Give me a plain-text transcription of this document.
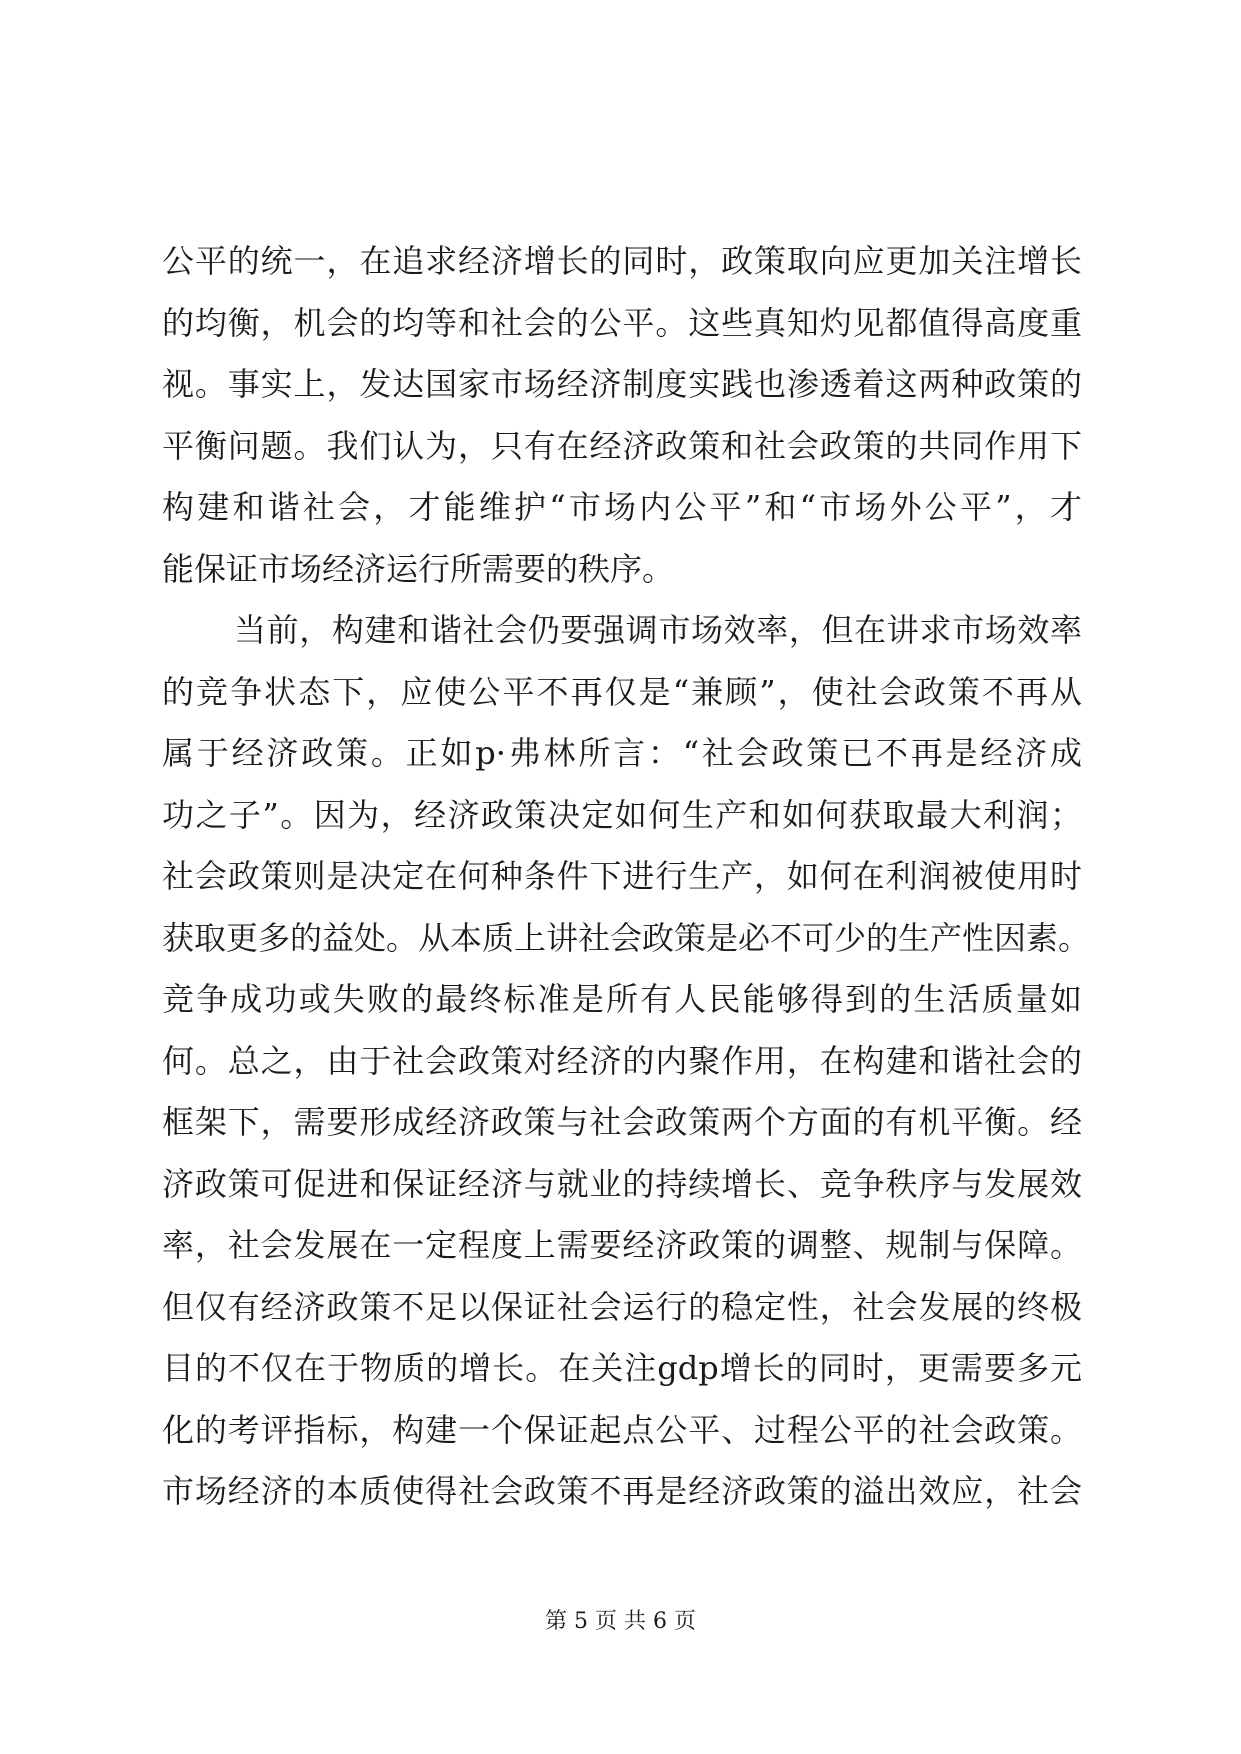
公平的统一，在追求经济增长的同时，政策取向应更加关注增长
的均衡，机会的均等和社会的公平。这些真知灼见都值得高度重
视。事实上，发达国家市场经济制度实践也渗透着这两种政策的
平衡问题。我们认为，只有在经济政策和社会政策的共同作用下
构建和谐社会，才能维护“市场内公平”和“市场外公平”，才
能保证市场经济运行所需要的秩序。
当前，构建和谐社会仍要强调市场效率，但在讲求市场效率
的竞争状态下，应使公平不再仅是“兼顾”，使社会政策不再从
属于经济政策。正如p·弗林所言：“社会政策已不再是经济成
功之子”。因为，经济政策决定如何生产和如何获取最大利润；
社会政策则是决定在何种条件下进行生产，如何在利润被使用时
获取更多的益处。从本质上讲社会政策是必不可少的生产性因素。
竞争成功或失败的最终标准是所有人民能够得到的生活质量如
何。总之，由于社会政策对经济的内聚作用，在构建和谐社会的
框架下，需要形成经济政策与社会政策两个方面的有机平衡。经
济政策可促进和保证经济与就业的持续增长、竞争秩序与发展效
率，社会发展在一定程度上需要经济政策的调整、规制与保障。
但仅有经济政策不足以保证社会运行的稳定性，社会发展的终极
目的不仅在于物质的增长。在关注gdp增长的同时，更需要多元
化的考评指标，构建一个保证起点公平、过程公平的社会政策。
市场经济的本质使得社会政策不再是经济政策的溢出效应，社会
第 5 页 共 6 页
